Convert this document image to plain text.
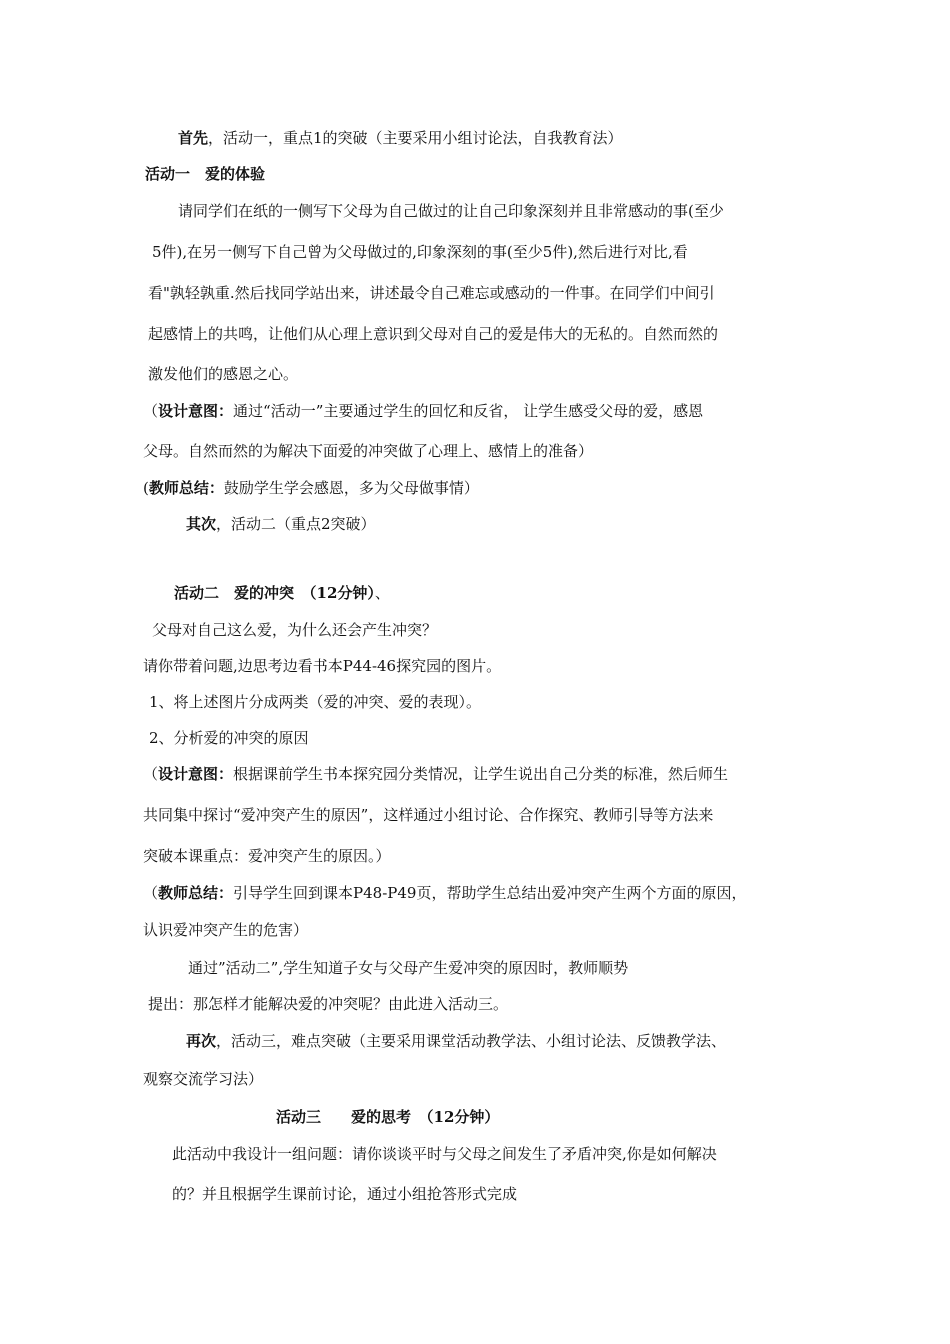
首先，活动一，重点1的突破（主要采用小组讨论法，自我教育法）
活动一　爱的体验
请同学们在纸的一侧写下父母为自己做过的让自己印象深刻并且非常感动的事(至少
5件),在另一侧写下自己曾为父母做过的,印象深刻的事(至少5件),然后进行对比,看
看"孰轻孰重.然后找同学站出来，讲述最令自己难忘或感动的一件事。在同学们中间引
起感情上的共鸣，让他们从心理上意识到父母对自己的爱是伟大的无私的。自然而然的
激发他们的感恩之心。
（设计意图：通过“活动一”主要通过学生的回忆和反省， 让学生感受父母的爱，感恩
父母。自然而然的为解决下面爱的冲突做了心理上、感情上的准备）
(教师总结：鼓励学生学会感恩，多为父母做事情）
其次，活动二（重点2突破）
活动二　爱的冲突　（12分钟）、
父母对自己这么爱，为什么还会产生冲突？
请你带着问题,边思考边看书本P44-46探究园的图片。
1、将上述图片分成两类（爱的冲突、爱的表现）。
2、分析爱的冲突的原因
（设计意图：根据课前学生书本探究园分类情况，让学生说出自己分类的标准，然后师生
共同集中探讨“爱冲突产生的原因”，这样通过小组讨论、合作探究、教师引导等方法来
突破本课重点：爱冲突产生的原因。）
（教师总结：引导学生回到课本P48-P49页，帮助学生总结出爱冲突产生两个方面的原因，
认识爱冲突产生的危害）
通过”活动二”,学生知道子女与父母产生爱冲突的原因时，教师顺势
提出：那怎样才能解决爱的冲突呢？由此进入活动三。
再次，活动三，难点突破（主要采用课堂活动教学法、小组讨论法、反馈教学法、
观察交流学习法）
活动三　　爱的思考　（12分钟）
此活动中我设计一组问题：请你谈谈平时与父母之间发生了矛盾冲突,你是如何解决
的？并且根据学生课前讨论，通过小组抢答形式完成
